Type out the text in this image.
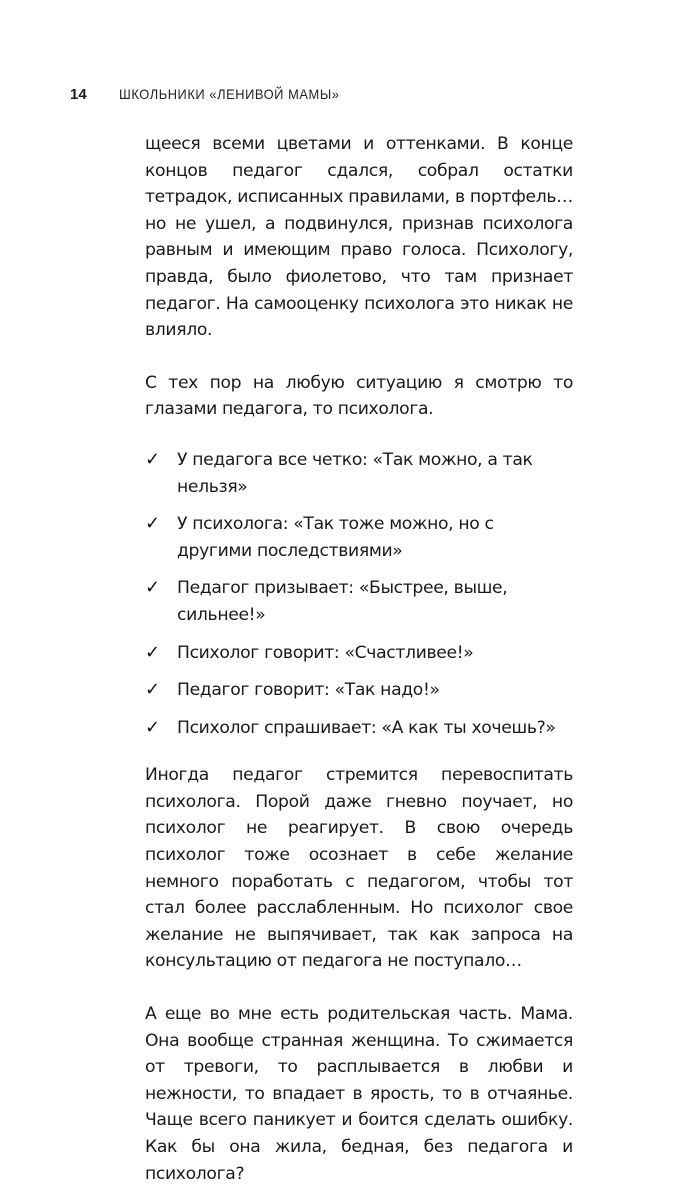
14 ШКОЛЬНИКИ «ЛЕНИВОЙ МАМЫ»

щееся всеми цветами и оттенками. В конце концов педагог сдался, собрал остатки тетрадок, исписанных правилами, в портфель… но не ушел, а подвинулся, признав психолога равным и имеющим право голоса. Психологу, правда, было фиолетово, что там признает педагог. На самооценку психолога это никак не влияло.

С тех пор на любую ситуацию я смотрю то глазами педагога, то психолога.

✓ У педагога все четко: «Так можно, а так нельзя»
✓ У психолога: «Так тоже можно, но с другими последствиями»
✓ Педагог призывает: «Быстрее, выше, сильнее!»
✓ Психолог говорит: «Счастливее!»
✓ Педагог говорит: «Так надо!»
✓ Психолог спрашивает: «А как ты хочешь?»

Иногда педагог стремится перевоспитать психолога. Порой даже гневно поучает, но психолог не реагирует. В свою очередь психолог тоже осознает в себе желание немного поработать с педагогом, чтобы тот стал более расслабленным. Но психолог свое желание не выпячивает, так как запроса на консультацию от педагога не поступало…

А еще во мне есть родительская часть. Мама. Она вообще странная женщина. То сжимается от тревоги, то расплывается в любви и нежности, то впадает в ярость, то в отчаянье. Чаще всего паникует и боится сделать ошибку. Как бы она жила, бедная, без педагога и психолога?
